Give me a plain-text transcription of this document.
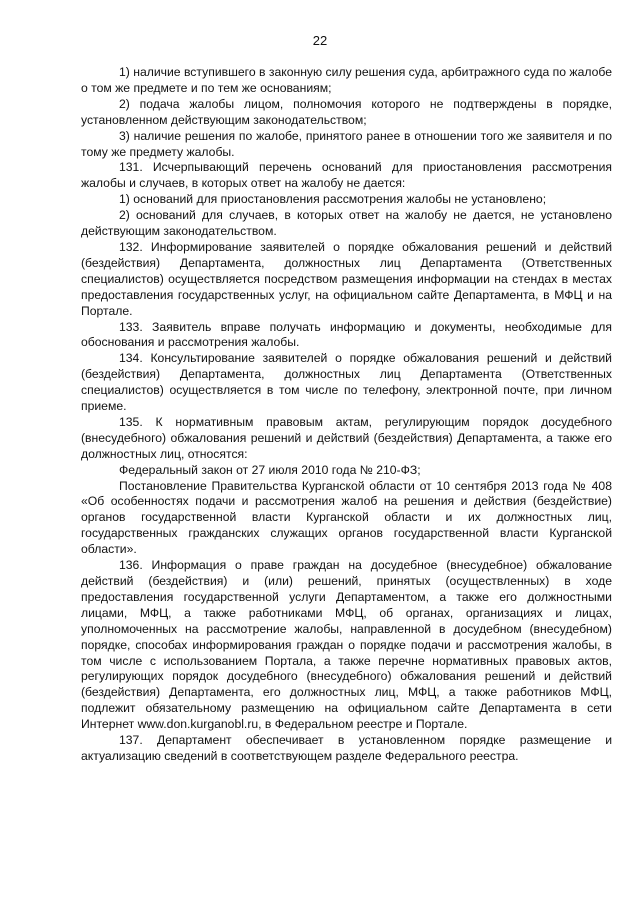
22

1) наличие вступившего в законную силу решения суда, арбитражного суда по жалобе о том же предмете и по тем же основаниям;

2) подача жалобы лицом, полномочия которого не подтверждены в порядке, установленном действующим законодательством;

3) наличие решения по жалобе, принятого ранее в отношении того же заявителя и по тому же предмету жалобы.

131. Исчерпывающий перечень оснований для приостановления рассмотрения жалобы и случаев, в которых ответ на жалобу не дается:

1) оснований для приостановления рассмотрения жалобы не установлено;

2) оснований для случаев, в которых ответ на жалобу не дается, не установлено действующим законодательством.

132. Информирование заявителей о порядке обжалования решений и действий (бездействия) Департамента, должностных лиц Департамента (Ответственных специалистов) осуществляется посредством размещения информации на стендах в местах предоставления государственных услуг, на официальном сайте Департамента, в МФЦ и на Портале.

133. Заявитель вправе получать информацию и документы, необходимые для обоснования и рассмотрения жалобы.

134. Консультирование заявителей о порядке обжалования решений и действий (бездействия) Департамента, должностных лиц Департамента (Ответственных специалистов) осуществляется в том числе по телефону, электронной почте, при личном приеме.

135. К нормативным правовым актам, регулирующим порядок досудебного (внесудебного) обжалования решений и действий (бездействия) Департамента, а также его должностных лиц, относятся:

Федеральный закон от 27 июля 2010 года № 210-ФЗ;

Постановление Правительства Курганской области от 10 сентября 2013 года № 408 «Об особенностях подачи и рассмотрения жалоб на решения и действия (бездействие) органов государственной власти Курганской области и их должностных лиц, государственных гражданских служащих органов государственной власти Курганской области».

136. Информация о праве граждан на досудебное (внесудебное) обжалование действий (бездействия) и (или) решений, принятых (осуществленных) в ходе предоставления государственной услуги Департаментом, а также его должностными лицами, МФЦ, а также работниками МФЦ, об органах, организациях и лицах, уполномоченных на рассмотрение жалобы, направленной в досудебном (внесудебном) порядке, способах информирования граждан о порядке подачи и рассмотрения жалобы, в том числе с использованием Портала, а также перечне нормативных правовых актов, регулирующих порядок досудебного (внесудебного) обжалования решений и действий (бездействия) Департамента, его должностных лиц, МФЦ, а также работников МФЦ, подлежит обязательному размещению на официальном сайте Департамента в сети Интернет www.don.kurganobl.ru, в Федеральном реестре и Портале.

137. Департамент обеспечивает в установленном порядке размещение и актуализацию сведений в соответствующем разделе Федерального реестра.
